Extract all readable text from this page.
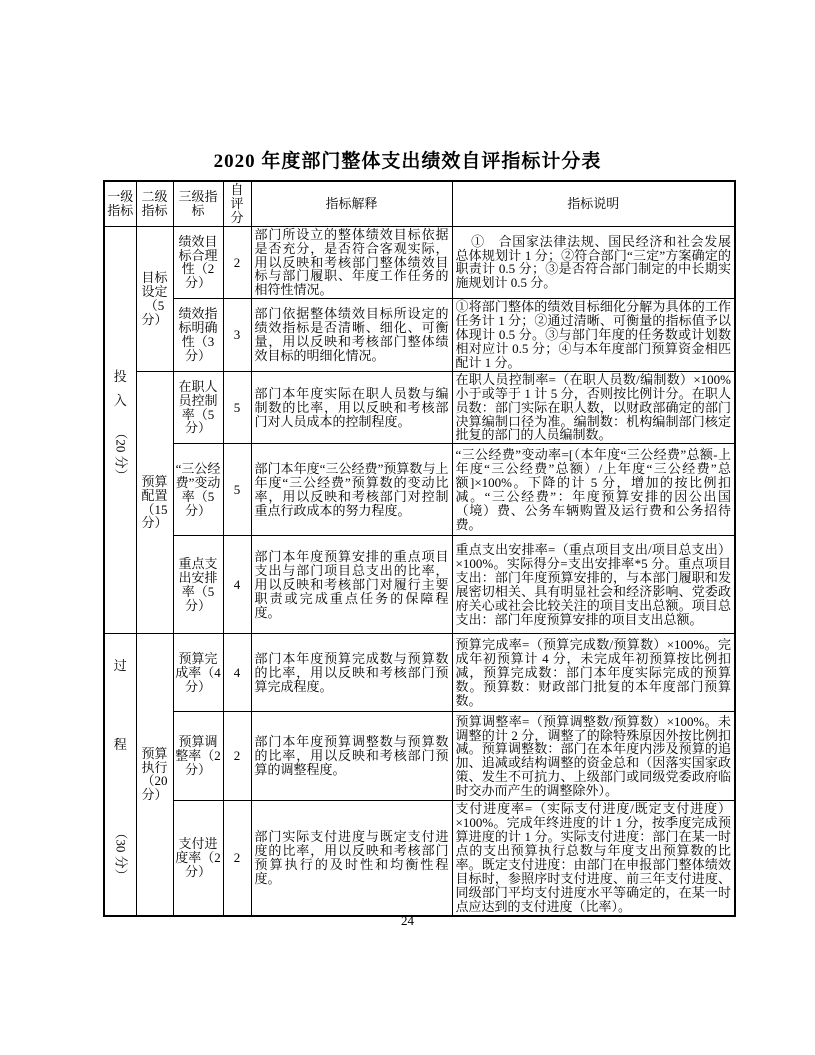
2020 年度部门整体支出绩效自评指标计分表
一级指标	二级指标	三级指标	自评分	指标解释	指标说明

投
入
（20 分）	目标设定（5 分）	绩效目标合理性（2 分）	2	部门所设立的整体绩效目标依据是否充分，是否符合客观实际，用以反映和考核部门整体绩效目标与部门履职、年度工作任务的相符性情况。	①　合国家法律法规、国民经济和社会发展总体规划计 1 分；②符合部门“三定”方案确定的职责计 0.5 分；③是否符合部门制定的中长期实施规划计 0.5 分。
		绩效指标明确性（3 分）	3	部门依据整体绩效目标所设定的绩效指标是否清晰、细化、可衡量，用以反映和考核部门整体绩效目标的明细化情况。	①将部门整体的绩效目标细化分解为具体的工作任务计 1 分；②通过清晰、可衡量的指标值予以体现计 0.5 分。③与部门年度的任务数或计划数相对应计 0.5 分；④与本年度部门预算资金相匹配计 1 分。
	预算配置（15 分）	在职人员控制率（5 分）	5	部门本年度实际在职人员数与编制数的比率，用以反映和考核部门对人员成本的控制程度。	在职人员控制率=（在职人员数/编制数）×100%小于或等于 1 计 5 分，否则按比例计分。在职人员数：部门实际在职人数，以财政部确定的部门决算编制口径为准。编制数：机构编制部门核定批复的部门的人员编制数。
		“三公经费”变动率（5 分）	5	部门本年度“三公经费”预算数与上年度“三公经费”预算数的变动比率，用以反映和考核部门对控制重点行政成本的努力程度。	“三公经费”变动率=[（本年度“三公经费”总额-上年度“三公经费”总额）/上年度“三公经费”总额]×100%。下降的计 5 分，增加的按比例扣减。“三公经费”：年度预算安排的因公出国（境）费、公务车辆购置及运行费和公务招待费。
		重点支出安排率（5 分）	4	部门本年度预算安排的重点项目支出与部门项目总支出的比率，用以反映和考核部门对履行主要职责或完成重点任务的保障程度。	重点支出安排率=（重点项目支出/项目总支出）×100%。实际得分=支出安排率*5 分。重点项目支出：部门年度预算安排的，与本部门履职和发展密切相关、具有明显社会和经济影响、党委政府关心或社会比较关注的项目支出总额。项目总支出：部门年度预算安排的项目支出总额。

过
程
（30 分）	预算执行（20 分）	预算完成率（4 分）	4	部门本年度预算完成数与预算数的比率，用以反映和考核部门预算完成程度。	预算完成率=（预算完成数/预算数）×100%。完成年初预算计 4 分，未完成年初预算按比例扣减，预算完成数：部门本年度实际完成的预算数。预算数：财政部门批复的本年度部门预算数。
		预算调整率（2 分）	2	部门本年度预算调整数与预算数的比率，用以反映和考核部门预算的调整程度。	预算调整率=（预算调整数/预算数）×100%。未调整的计 2 分，调整了的除特殊原因外按比例扣减。预算调整数：部门在本年度内涉及预算的追加、追减或结构调整的资金总和（因落实国家政策、发生不可抗力、上级部门或同级党委政府临时交办而产生的调整除外）。
		支付进度率（2 分）	2	部门实际支付进度与既定支付进度的比率，用以反映和考核部门预算执行的及时性和均衡性程度。	支付进度率=（实际支付进度/既定支付进度）×100%。完成年终进度的计 1 分，按季度完成预算进度的计 1 分。实际支付进度：部门在某一时点的支出预算执行总数与年度支出预算数的比率。既定支付进度：由部门在申报部门整体绩效目标时，参照序时支付进度、前三年支付进度、同级部门平均支付进度水平等确定的，在某一时点应达到的支付进度（比率）。
24
